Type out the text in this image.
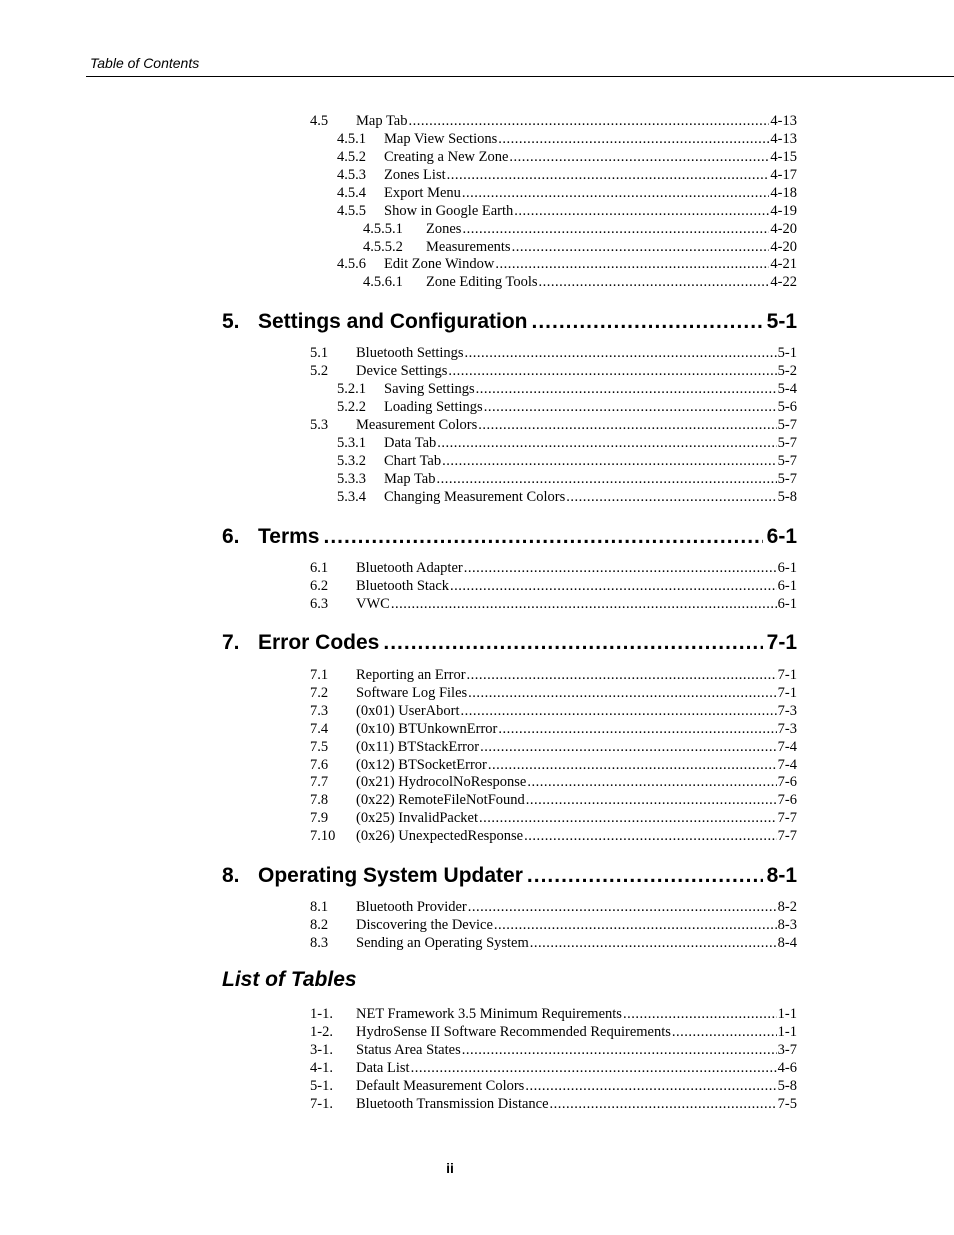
Table of Contents
4.5	Map Tab .....	4-13
4.5.1	Map View Sections .....	4-13
4.5.2	Creating a New Zone .....	4-15
4.5.3	Zones List .....	4-17
4.5.4	Export Menu .....	4-18
4.5.5	Show in Google Earth .....	4-19
4.5.5.1	Zones .....	4-20
4.5.5.2	Measurements .....	4-20
4.5.6	Edit Zone Window .....	4-21
4.5.6.1	Zone Editing Tools .....	4-22
5. Settings and Configuration .....	5-1
5.1	Bluetooth Settings .....	5-1
5.2	Device Settings .....	5-2
5.2.1	Saving Settings .....	5-4
5.2.2	Loading Settings .....	5-6
5.3	Measurement Colors .....	5-7
5.3.1	Data Tab .....	5-7
5.3.2	Chart Tab .....	5-7
5.3.3	Map Tab .....	5-7
5.3.4	Changing Measurement Colors .....	5-8
6. Terms .....	6-1
6.1	Bluetooth Adapter .....	6-1
6.2	Bluetooth Stack .....	6-1
6.3	VWC .....	6-1
7. Error Codes .....	7-1
7.1	Reporting an Error .....	7-1
7.2	Software Log Files .....	7-1
7.3	(0x01) UserAbort .....	7-3
7.4	(0x10) BTUnkownError .....	7-3
7.5	(0x11) BTStackError .....	7-4
7.6	(0x12) BTSocketError .....	7-4
7.7	(0x21) HydrocolNoResponse .....	7-6
7.8	(0x22) RemoteFileNotFound .....	7-6
7.9	(0x25) InvalidPacket .....	7-7
7.10	(0x26) UnexpectedResponse .....	7-7
8. Operating System Updater .....	8-1
8.1	Bluetooth Provider .....	8-2
8.2	Discovering the Device .....	8-3
8.3	Sending an Operating System .....	8-4
List of Tables
1-1.	NET Framework 3.5 Minimum Requirements .....	1-1
1-2.	HydroSense II Software Recommended Requirements .....	1-1
3-1.	Status Area States .....	3-7
4-1.	Data List .....	4-6
5-1.	Default Measurement Colors .....	5-8
7-1.	Bluetooth Transmission Distance .....	7-5
ii
